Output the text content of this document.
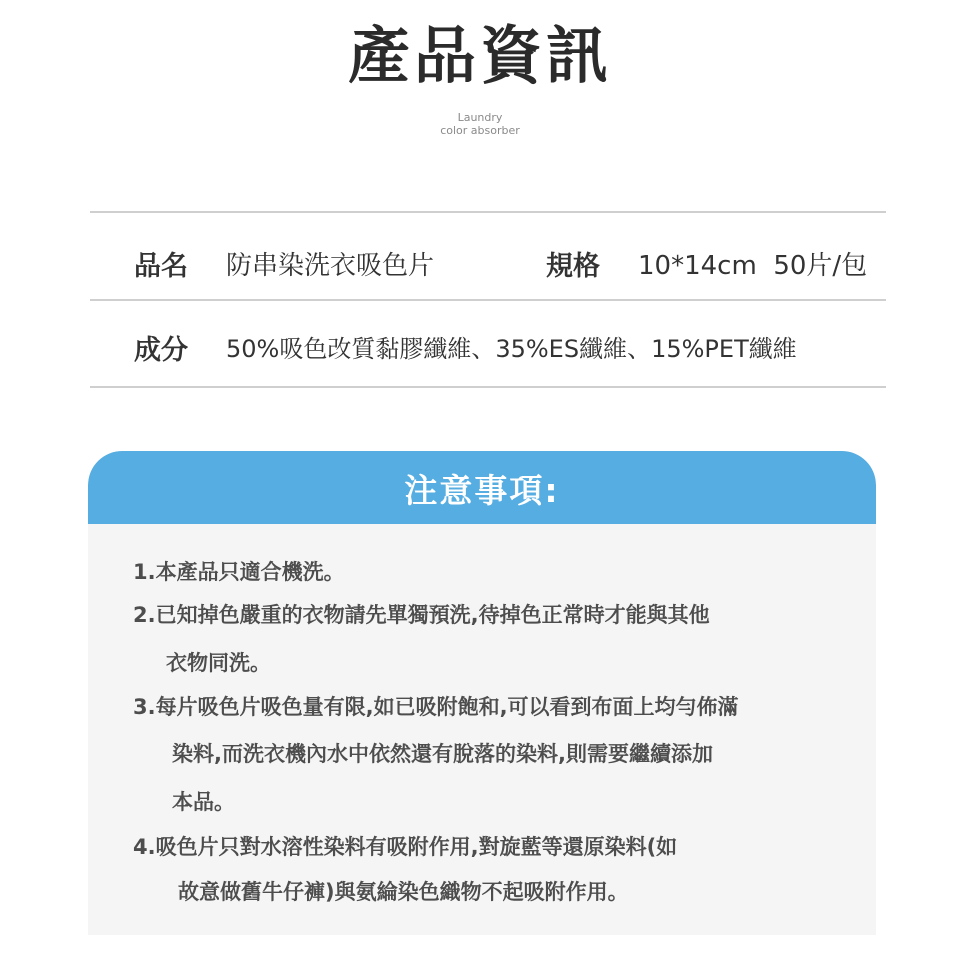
產品資訊
Laundry
color absorber
品名 防串染洗衣吸色片	規格 10*14cm  50片/包
成分 50%吸色改質黏膠纖維、35%ES纖維、15%PET纖維
注意事項:
1.本產品只適合機洗。
2.已知掉色嚴重的衣物請先單獨預洗,待掉色正常時才能與其他
衣物同洗。
3.每片吸色片吸色量有限,如已吸附飽和,可以看到布面上均勻佈滿
染料,而洗衣機內水中依然還有脫落的染料,則需要繼續添加
本品。
4.吸色片只對水溶性染料有吸附作用,對旋藍等還原染料(如
故意做舊牛仔褲)與氨綸染色織物不起吸附作用。
